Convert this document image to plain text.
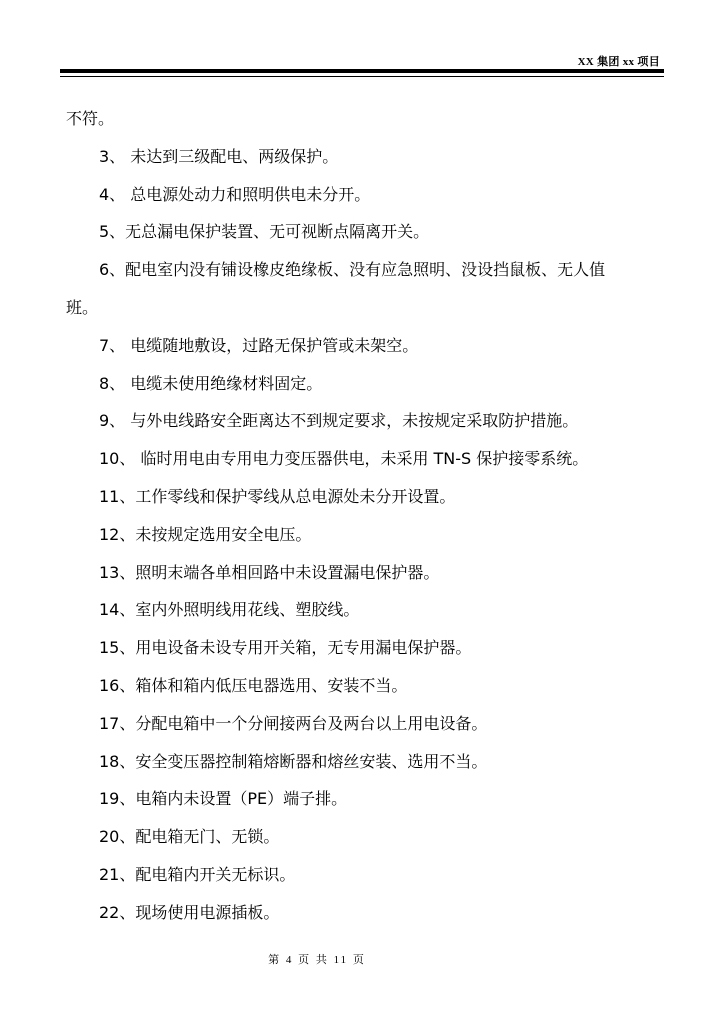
XX 集团 xx 项目
不符。
3、 未达到三级配电、两级保护。
4、 总电源处动力和照明供电未分开。
5、无总漏电保护装置、无可视断点隔离开关。
6、配电室内没有铺设橡皮绝缘板、没有应急照明、没设挡鼠板、无人值
班。
7、 电缆随地敷设，过路无保护管或未架空。
8、 电缆未使用绝缘材料固定。
9、 与外电线路安全距离达不到规定要求，未按规定采取防护措施。
10、 临时用电由专用电力变压器供电，未采用 TN-S 保护接零系统。
11、工作零线和保护零线从总电源处未分开设置。
12、未按规定选用安全电压。
13、照明末端各单相回路中未设置漏电保护器。
14、室内外照明线用花线、塑胶线。
15、用电设备未设专用开关箱，无专用漏电保护器。
16、箱体和箱内低压电器选用、安装不当。
17、分配电箱中一个分闸接两台及两台以上用电设备。
18、安全变压器控制箱熔断器和熔丝安装、选用不当。
19、电箱内未设置（PE）端子排。
20、配电箱无门、无锁。
21、配电箱内开关无标识。
22、现场使用电源插板。
第 4 页 共 11 页
